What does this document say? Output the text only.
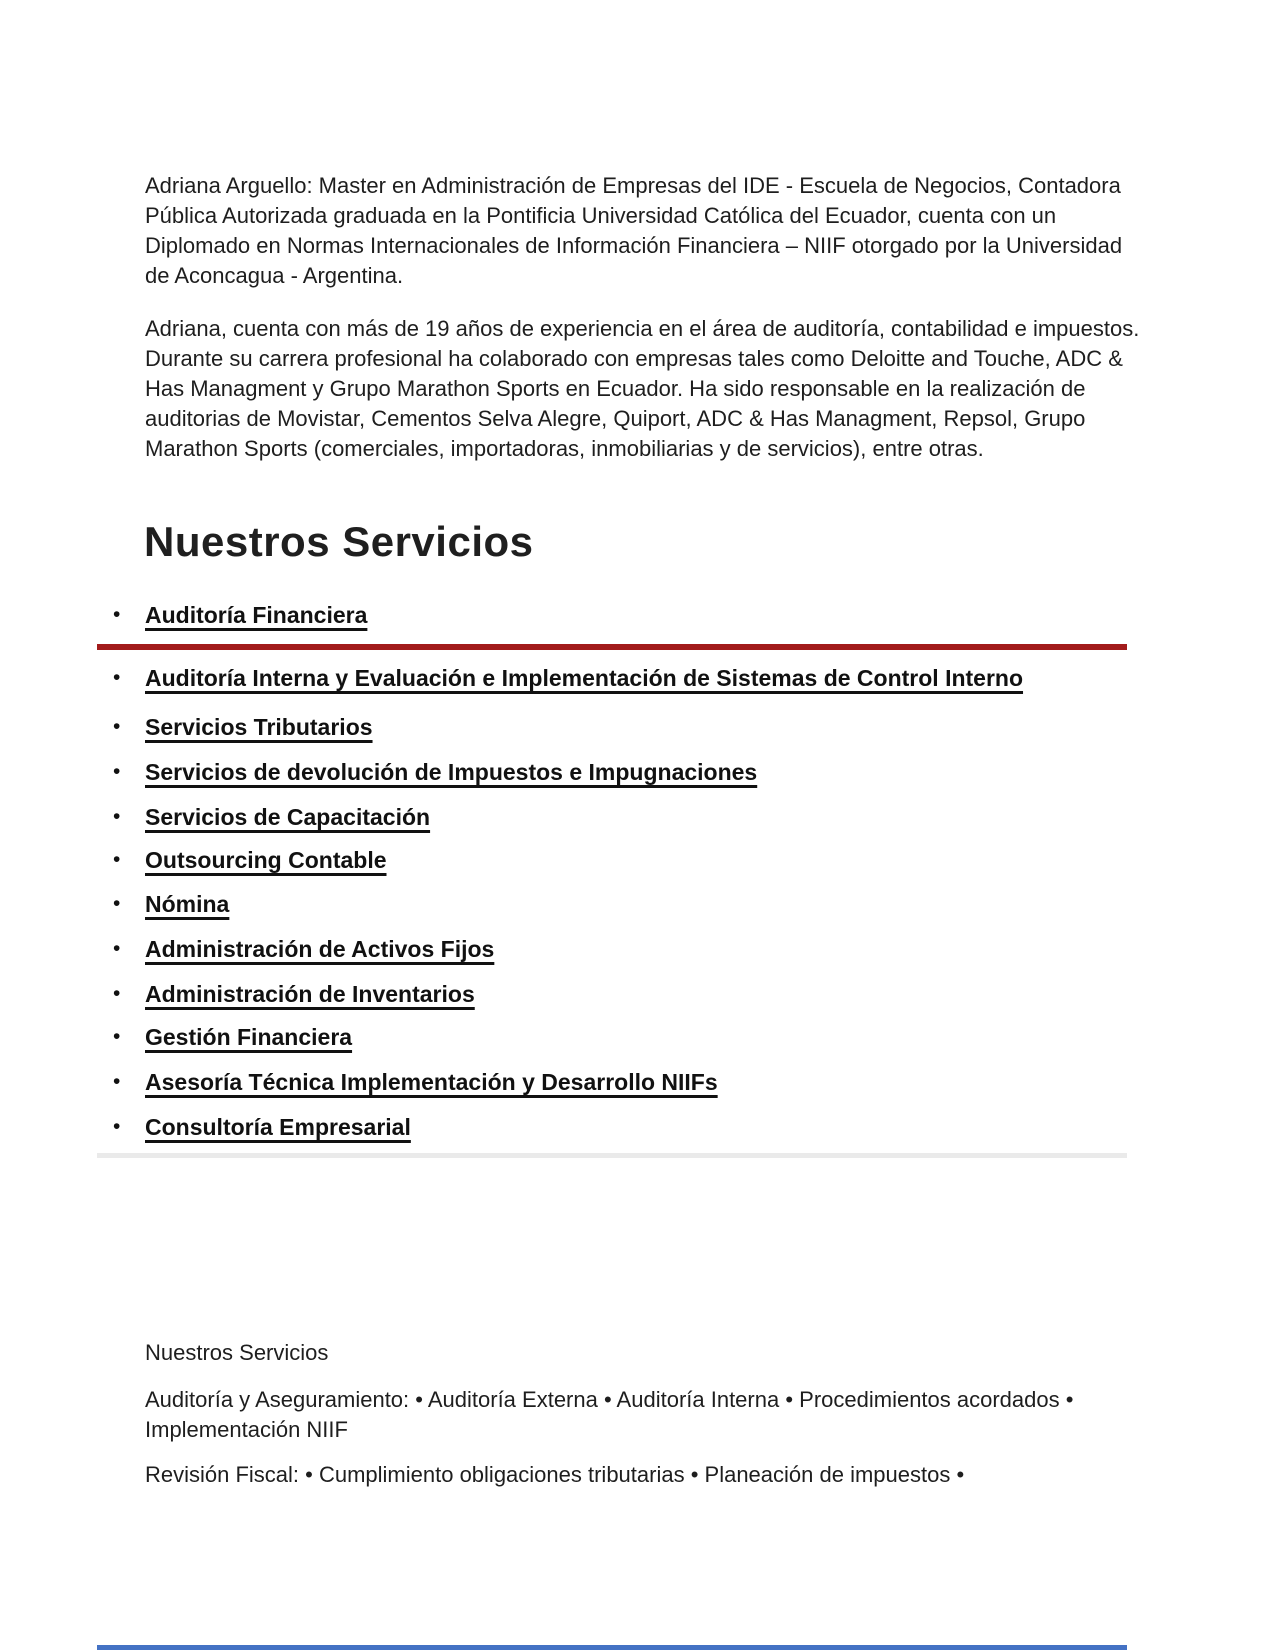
Adriana Arguello: Master en Administración de Empresas del IDE - Escuela de Negocios, Contadora Pública Autorizada graduada en la Pontificia Universidad Católica del Ecuador, cuenta con un Diplomado en Normas Internacionales de Información Financiera – NIIF otorgado por la Universidad de Aconcagua - Argentina.

Adriana, cuenta con más de 19 años de experiencia en el área de auditoría, contabilidad e impuestos. Durante su carrera profesional ha colaborado con empresas tales como Deloitte and Touche, ADC & Has Managment y Grupo Marathon Sports en Ecuador. Ha sido responsable en la realización de auditorias de Movistar, Cementos Selva Alegre, Quiport, ADC & Has Managment, Repsol, Grupo Marathon Sports (comerciales, importadoras, inmobiliarias y de servicios), entre otras.

Nuestros Servicios
•	Auditoría Financiera
•	Auditoría Interna y Evaluación e Implementación de Sistemas de Control Interno
•	Servicios Tributarios
•	Servicios de devolución de Impuestos e Impugnaciones
•	Servicios de Capacitación
•	Outsourcing Contable
•	Nómina
•	Administración de Activos Fijos
•	Administración de Inventarios
•	Gestión Financiera
•	Asesoría Técnica Implementación y Desarrollo NIIFs
•	Consultoría Empresarial

Nuestros Servicios

Auditoría y Aseguramiento: • Auditoría Externa • Auditoría Interna • Procedimientos acordados • Implementación NIIF

Revisión Fiscal: • Cumplimiento obligaciones tributarias • Planeación de impuestos •
